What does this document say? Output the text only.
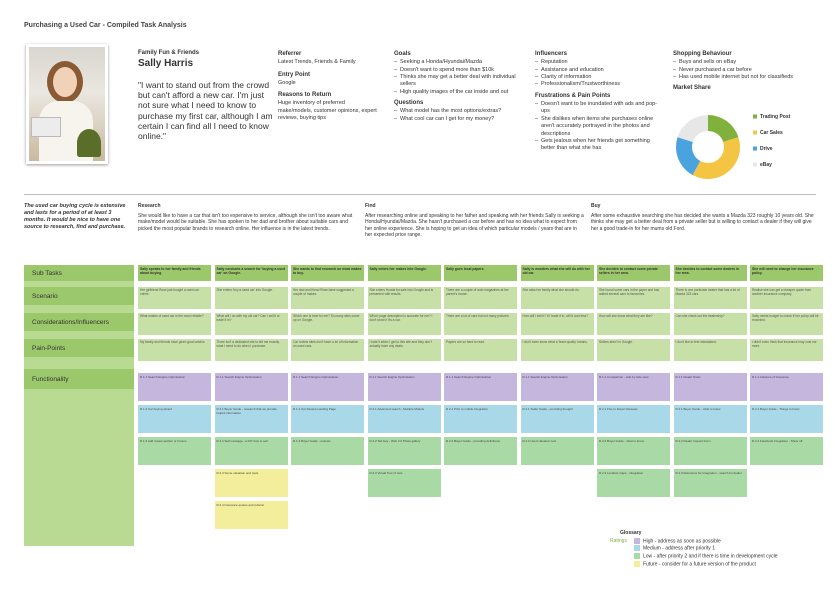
Purchasing a Used Car - Compiled Task Analysis
Family Fun & Friends
Sally Harris
"I want to stand out from the crowd but can't afford a new car. I'm just not sure what I need to know to purchase my first car, although I am certain I can find all I need to know online."
Referrer
Latest Trends, Friends & Family
Entry Point
Google
Reasons to Return
Huge inventory of preferred make/models, customer opinions, expert reviews, buying tips
Goals
– Seeking a Honda/Hyundai/Mazda
– Doesn't want to spend more than $10k
– Thinks she may get a better deal with individual sellers
– High quality images of the car inside and out
Questions
– What model has the most options/extras?
– What cool car can I get for my money?
Influencers
– Reputation
– Assistance and education
– Clarity of information
– Professionalism/Trustworthiness
Frustrations & Pain Points
– Doesn't want to be inundated with ads and pop-ups
– She dislikes when items she purchases online aren't accurately portrayed in the photos and descriptions
– Gets jealous when her friends get something better than what she has
Shopping Behaviour
– Buys and sells on eBay
– Never purchased a car before
– Has used mobile internet but not for classifieds
Market Share
Trading Post
Car Sales
Drive
eBay
The used car buying cycle is extensive and lasts for a period of at least 3 months. It would be nice to have one source to research, find and purchase.
Research
She would like to have a car that isn't too expensive to service, although she isn't too aware what make/model would be suitable. She has spoken to her dad and brother about suitable cars and picked the most popular brands to research online. Her influence is in the latest trends.
Find
After researching online and speaking to her father and speaking with her friends Sally is seeking a Honda/Hyundai/Mazda. She hasn't purchased a car before and has no idea what to expect from her online experience. She is hoping to get an idea of which particular models / years that are in her expected price range.
Buy
After some exhaustive searching she has decided she wants a Mazda 323 roughly 10 years old. She thinks she may get a better deal from a private seller but is willing to contact a dealer if they will give her a good trade-in for her mums old Ford.
Sub Tasks
Scenario
Considerations/Influencers
Pain-Points
Functionality
Sally speaks to her family and friends about buying
Her girlfriend Rose just bought a used car online.
What makes of used car is the most reliable?
My family and friends have given good advice.
R 1.1 Search Engine Optimisation
R 1.2 Car buying wizard
R 1.3 Add review section or forums
Sally conducts a search for 'buying a used car' on Google.
She enters 'buy a used car' into Google.
What will I do with my old car? Can I sell it or trade it in?
There isn't a dedicated site to tell me exactly what I need to do when I purchase.
R 1.1 Search Engine Optimisation
R 2.1 Buyer Guide - research that we provide helpful information
R 2.2 Sell message - a DIY how to sell
R 2.3 Some valuation and tools
R 2.4 Insurance quotes and referral
She wants to find research on what makes to buy.
Her dad and friend Rose have suggested a couple of makes.
Which one is best for me? So many sites come up on Google.
Car review sites don't have a lot of information on used cars.
R 1.1 Search Engine Optimisation
R 1.2 Car Review Landing Page
R 1.3 Buyer Guide - reviews
Sally enters her makes into Google.
She enters Honda for sale into Google and is presented with results.
Which page description is accurate for me? I don't know if it's a car.
I hate it when I get to this site and they don't actually have any deals.
R 1.1 Search Engine Optimisation
R 2.1 Advanced search - Multiple Models
R 2.2 Tell Guy - Web 2.0 Photo gallery
R 2.3 Virtual Tour of cars
Sally goes local papers.
There are a couple of auto magazines at her parent's house.
There are a lot of cars but not many pictures.
Papers are so hard to read.
R 1.1 Search Engine Optimisation
R 2.1 Print to mobile integration
R 2.2 Buyer Guide - providing definitions
Sally is wonders what she will do with her old car.
She asks her family what she should do.
How will I sell it? If I trade it in, will it cost less?
I don't even know what a 'least quality' means.
R 1.1 Search Engine Optimisation
R 2.1 Seller Guide - providing thought
R 2.2 Used valuation tool
She decides to contact some private sellers in her area.
She found some cars in the paper and has added several cars to favourites.
How will she know what they are like?
Sellers aren't in Google.
R 1.1 Comparison - side by side view
R 2.1 Five to Expert Reviews
R 2.2 Buyer Guide - what to know
R 2.3 Location maps - integration
She decides to contact some dealers in her area.
There is one particular dealer that has a lot of Mazda 323 cars.
Can she check out the dealership?
I don't like to feel intimidated.
R 1.1 Dealer finder
R 2.1 Buyer Guide - what to know
R 2.2 Dealer Inspect Form
R 2.3 Reference for Integration - search for dealer
She will need to change her insurance policy.
Realise she can get a cheaper quote from another insurance company.
Sally needs budget to check if her policy will be recorded.
I didn't even think that insurance may cost me more.
R 1.1 Advance of Insurance
R 2.1 Buyer Guide - Things to know
R 2.2 Facebook integration - Show off
Glossary
Ratings	High - address as soon as possible
Medium - address after priority 1
Low - after priority 2 and if there is time in development cycle
Future - consider for a future version of the product
